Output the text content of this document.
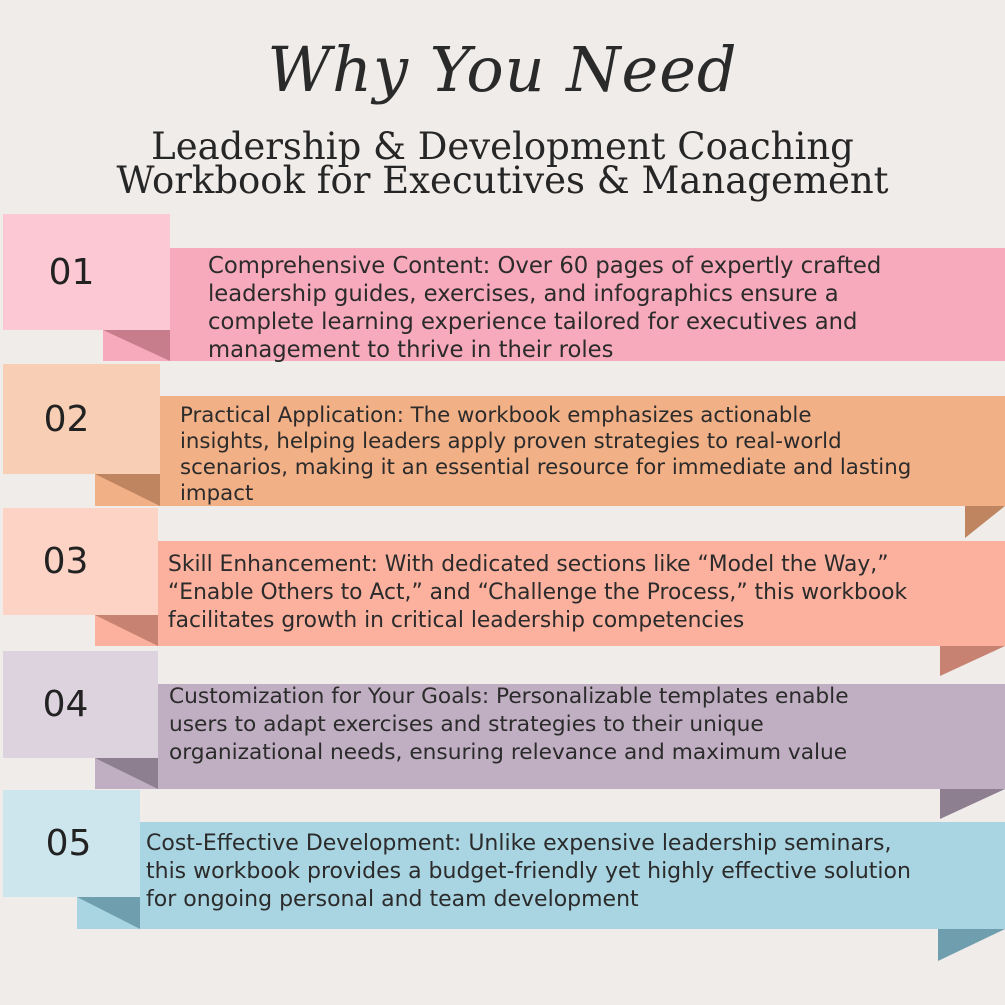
Why You Need
Leadership & Development Coaching
Workbook for Executives & Management
01	Comprehensive Content: Over 60 pages of expertly crafted
leadership guides, exercises, and infographics ensure a
complete learning experience tailored for executives and
management to thrive in their roles
02	Practical Application: The workbook emphasizes actionable
insights, helping leaders apply proven strategies to real-world
scenarios, making it an essential resource for immediate and lasting
impact
03	Skill Enhancement: With dedicated sections like “Model the Way,”
“Enable Others to Act,” and “Challenge the Process,” this workbook
facilitates growth in critical leadership competencies
04	Customization for Your Goals: Personalizable templates enable
users to adapt exercises and strategies to their unique
organizational needs, ensuring relevance and maximum value
05 Cost-Effective Development: Unlike expensive leadership seminars,
this workbook provides a budget-friendly yet highly effective solution
for ongoing personal and team development
